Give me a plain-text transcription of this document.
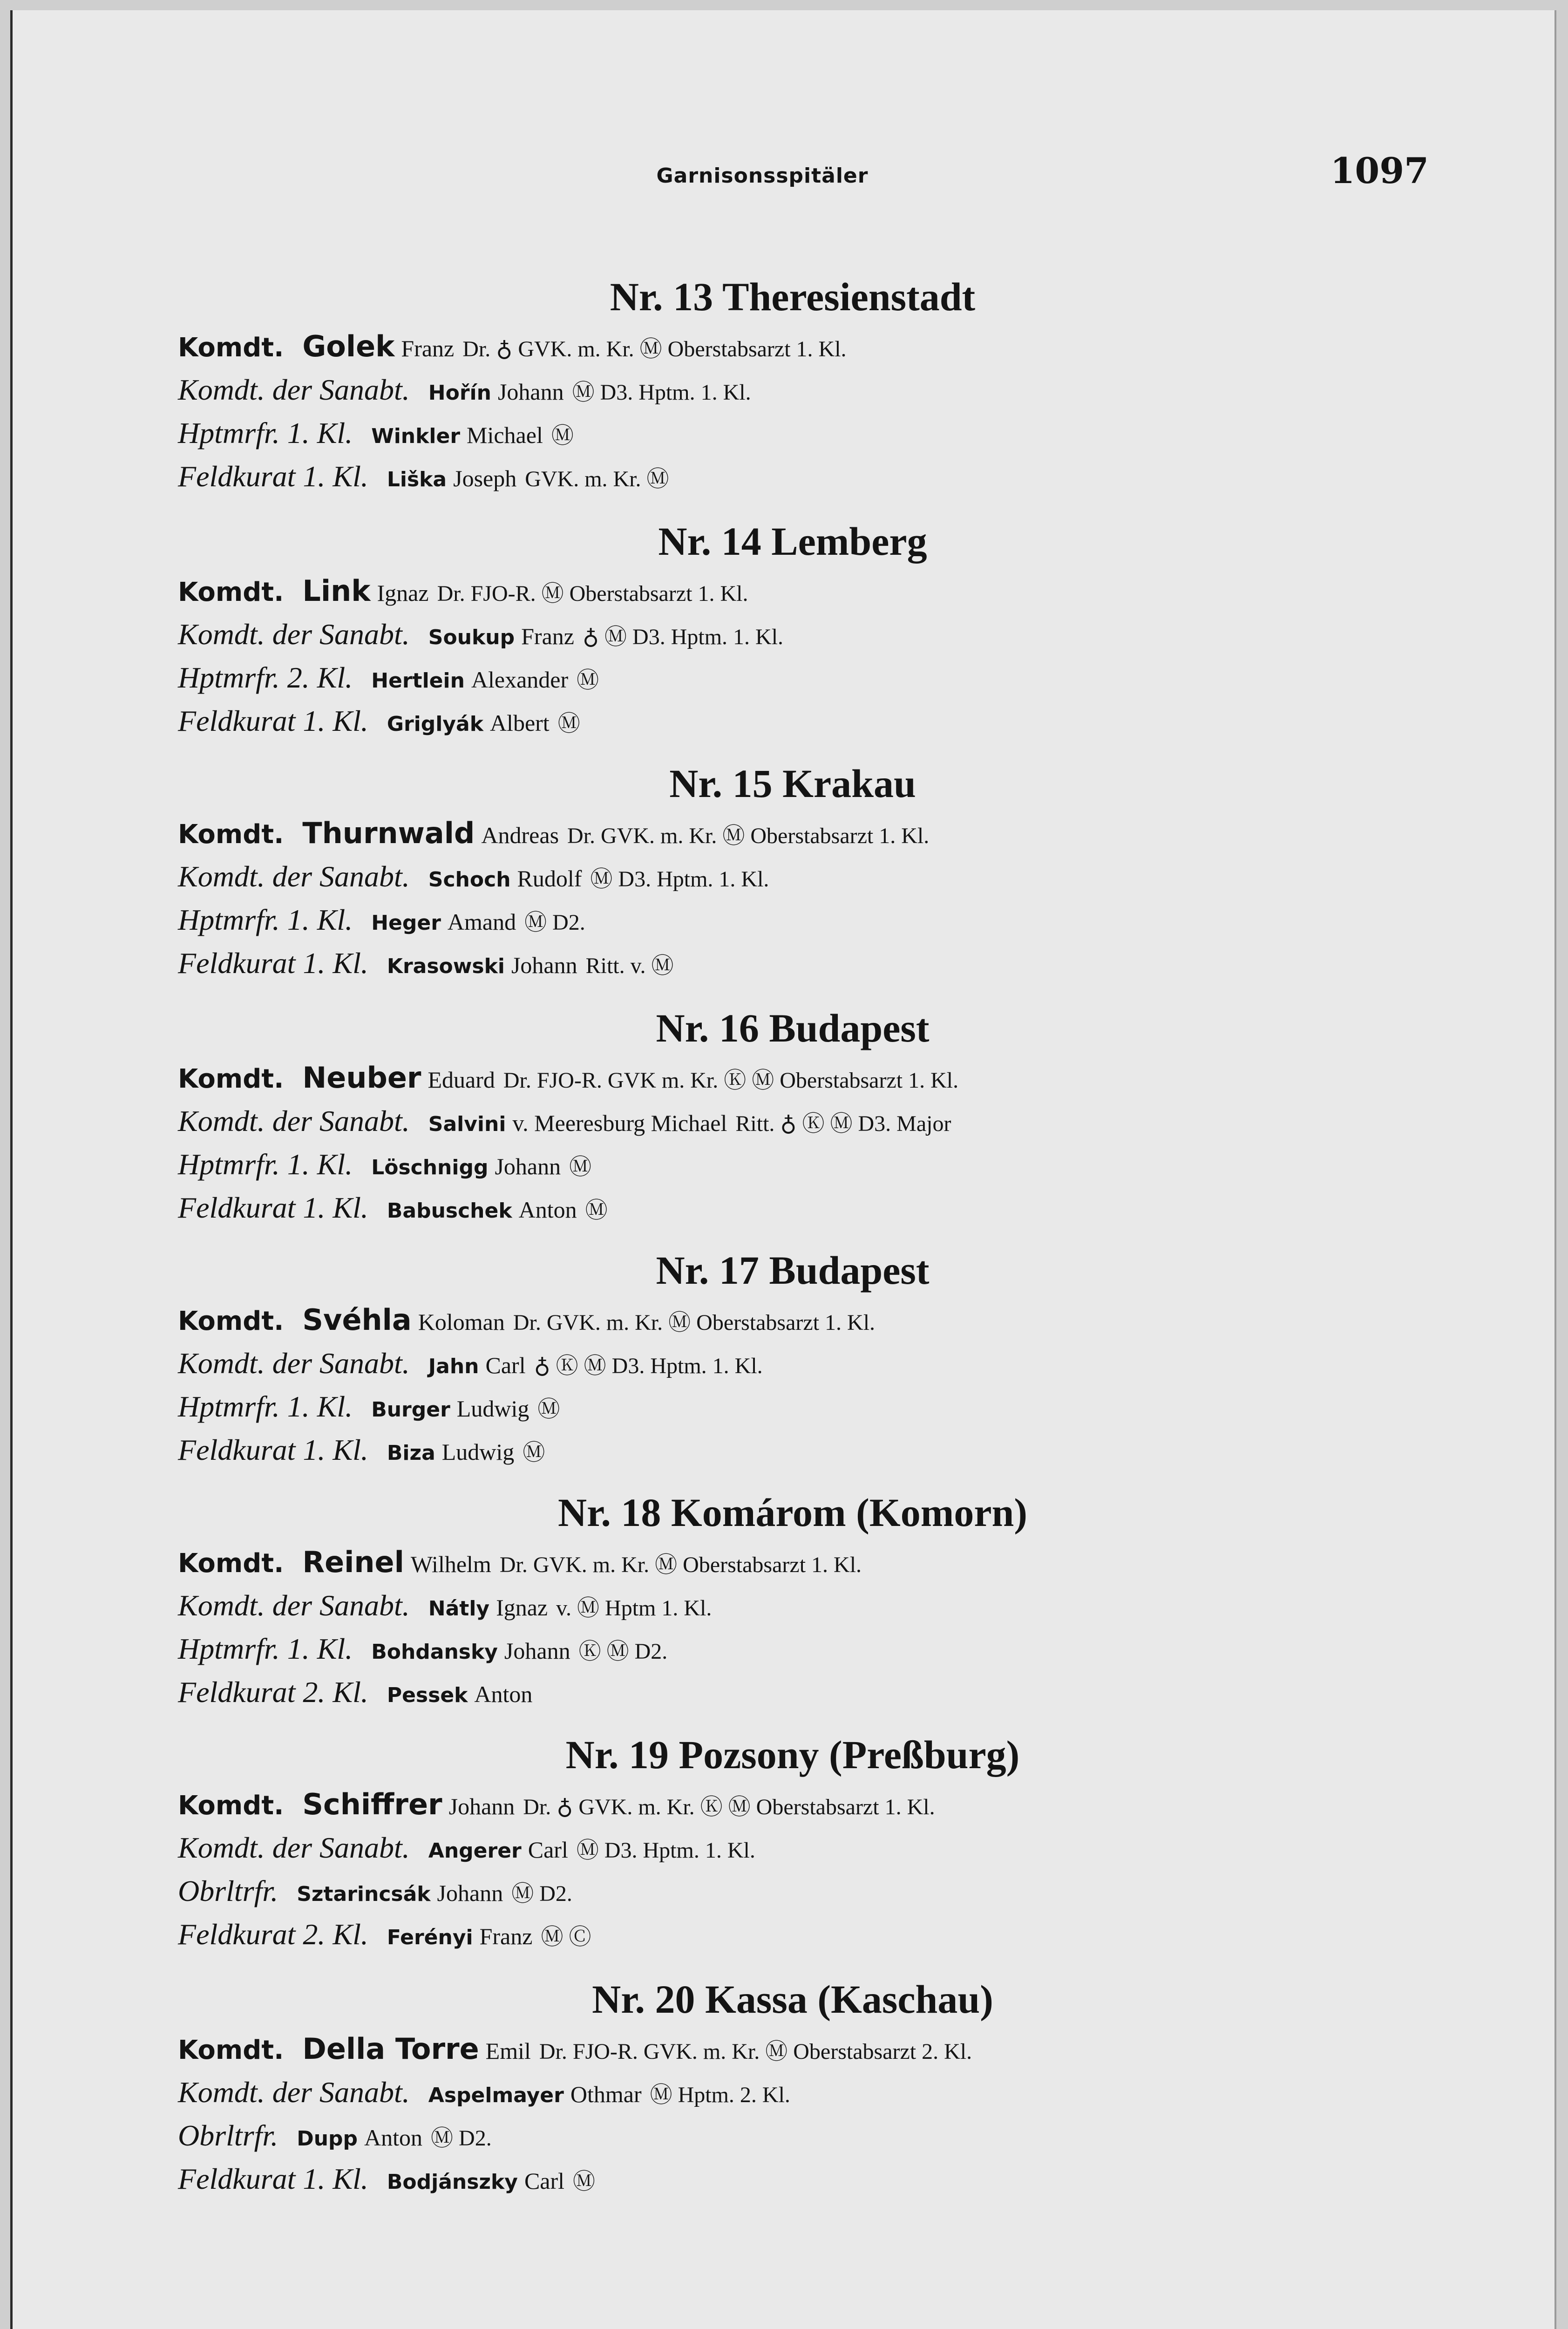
Garnisonsspitäler	1097
Nr. 13 Theresienstadt
Komdt. Golek Franz Dr. ♁ GVK. m. Kr. Ⓜ Oberstabsarzt 1. Kl.
Komdt. der Sanabt. Hořín Johann Ⓜ D3. Hptm. 1. Kl.
Hptmrfr. 1. Kl. Winkler Michael Ⓜ
Feldkurat 1. Kl. Liška Joseph GVK. m. Kr. Ⓜ
Nr. 14 Lemberg
Komdt. Link Ignaz Dr. FJO-R. Ⓜ Oberstabsarzt 1. Kl.
Komdt. der Sanabt. Soukup Franz ♁ Ⓜ D3. Hptm. 1. Kl.
Hptmrfr. 2. Kl. Hertlein Alexander Ⓜ
Feldkurat 1. Kl. Griglyák Albert Ⓜ
Nr. 15 Krakau
Komdt. Thurnwald Andreas Dr. GVK. m. Kr. Ⓜ Oberstabsarzt 1. Kl.
Komdt. der Sanabt. Schoch Rudolf Ⓜ D3. Hptm. 1. Kl.
Hptmrfr. 1. Kl. Heger Amand Ⓜ D2.
Feldkurat 1. Kl. Krasowski Johann Ritt. v. Ⓜ
Nr. 16 Budapest
Komdt. Neuber Eduard Dr. FJO-R. GVK m. Kr. Ⓚ Ⓜ Oberstabsarzt 1. Kl.
Komdt. der Sanabt. Salvini v. Meeresburg Michael Ritt. ♁ Ⓚ Ⓜ D3. Major
Hptmrfr. 1. Kl. Löschnigg Johann Ⓜ
Feldkurat 1. Kl. Babuschek Anton Ⓜ
Nr. 17 Budapest
Komdt. Svéhla Koloman Dr. GVK. m. Kr. Ⓜ Oberstabsarzt 1. Kl.
Komdt. der Sanabt. Jahn Carl ♁ Ⓚ Ⓜ D3. Hptm. 1. Kl.
Hptmrfr. 1. Kl. Burger Ludwig Ⓜ
Feldkurat 1. Kl. Biza Ludwig Ⓜ
Nr. 18 Komárom (Komorn)
Komdt. Reinel Wilhelm Dr. GVK. m. Kr. Ⓜ Oberstabsarzt 1. Kl.
Komdt. der Sanabt. Nátly Ignaz v. Ⓜ Hptm 1. Kl.
Hptmrfr. 1. Kl. Bohdansky Johann Ⓚ Ⓜ D2.
Feldkurat 2. Kl. Pessek Anton
Nr. 19 Pozsony (Preßburg)
Komdt. Schiffrer Johann Dr. ♁ GVK. m. Kr. Ⓚ Ⓜ Oberstabsarzt 1. Kl.
Komdt. der Sanabt. Angerer Carl Ⓜ D3. Hptm. 1. Kl.
Obrltrfr. Sztarincsák Johann Ⓜ D2.
Feldkurat 2. Kl. Ferényi Franz Ⓜ Ⓒ
Nr. 20 Kassa (Kaschau)
Komdt. Della Torre Emil Dr. FJO-R. GVK. m. Kr. Ⓜ Oberstabsarzt 2. Kl.
Komdt. der Sanabt. Aspelmayer Othmar Ⓜ Hptm. 2. Kl.
Obrltrfr. Dupp Anton Ⓜ D2.
Feldkurat 1. Kl. Bodjánszky Carl Ⓜ
